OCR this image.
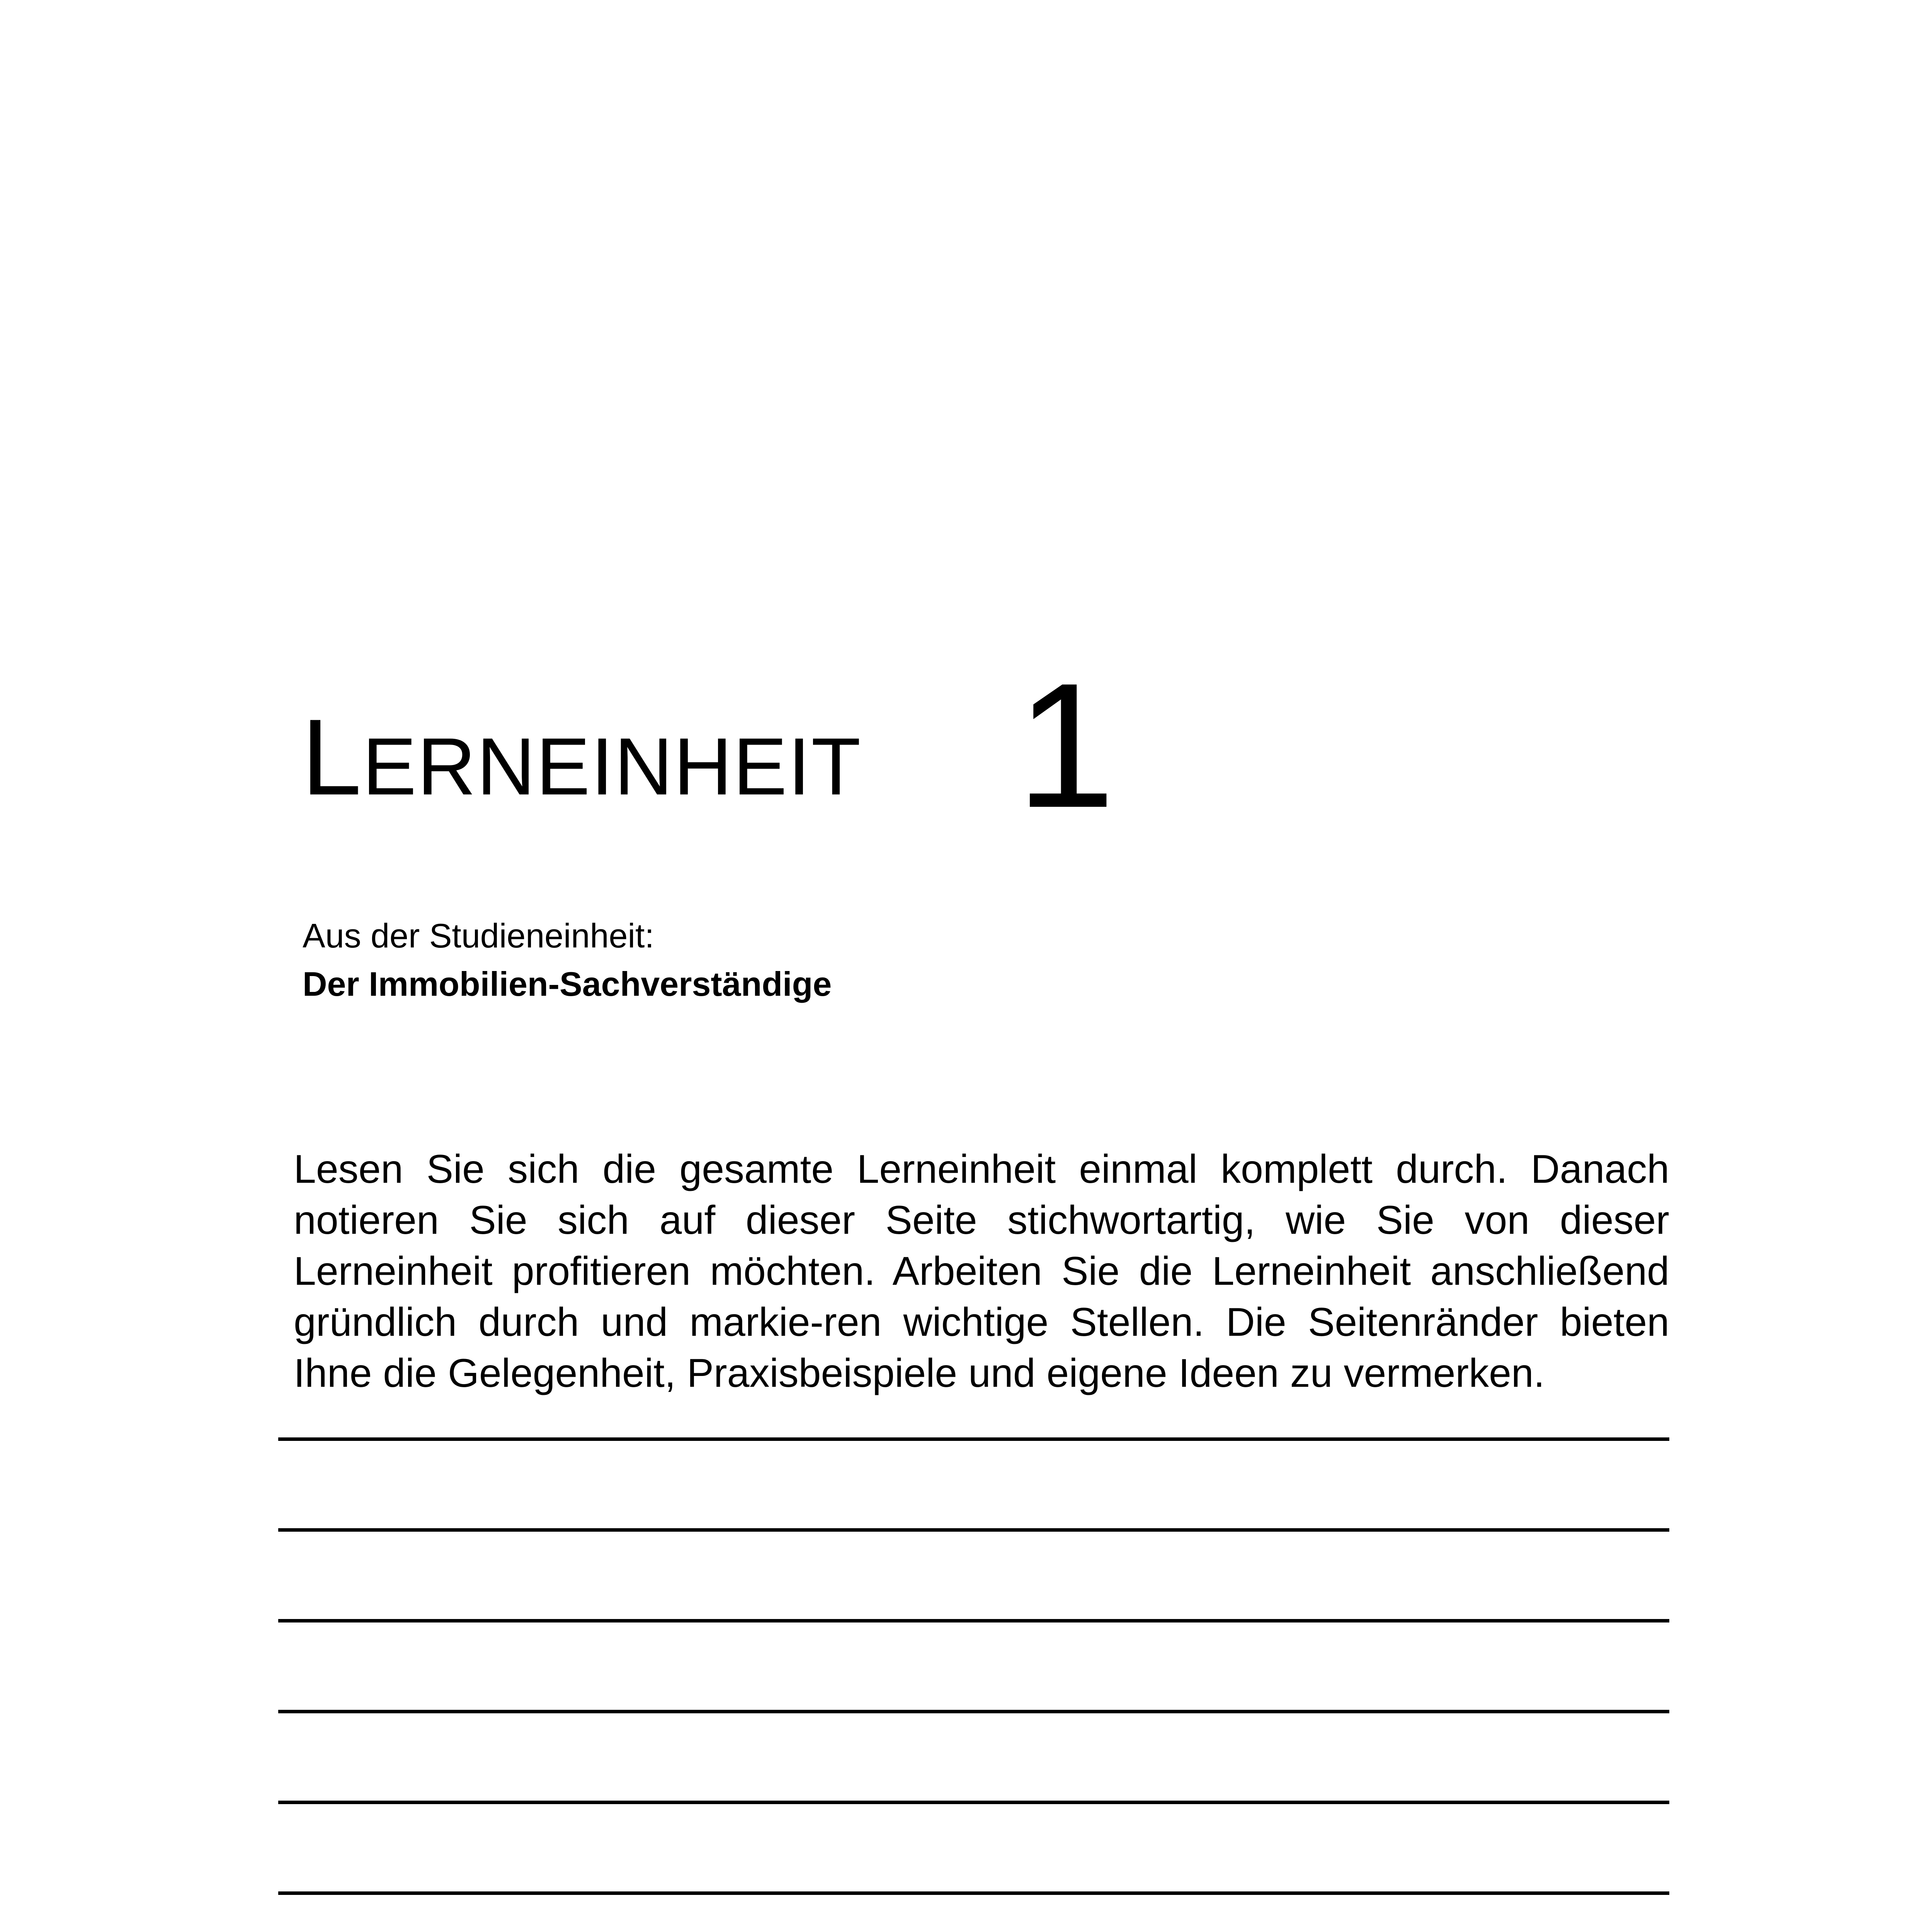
LERNEINHEIT 1
Aus der Studieneinheit:
Der Immobilien-Sachverständige
Lesen Sie sich die gesamte Lerneinheit einmal komplett durch. Danach notieren Sie sich auf dieser Seite stichwortartig, wie Sie von dieser Lerneinheit profitieren möchten. Arbeiten Sie die Lerneinheit anschließend gründlich durch und markie-ren wichtige Stellen. Die Seitenränder bieten Ihne die Gelegenheit, Praxisbeispiele und eigene Ideen zu vermerken.
